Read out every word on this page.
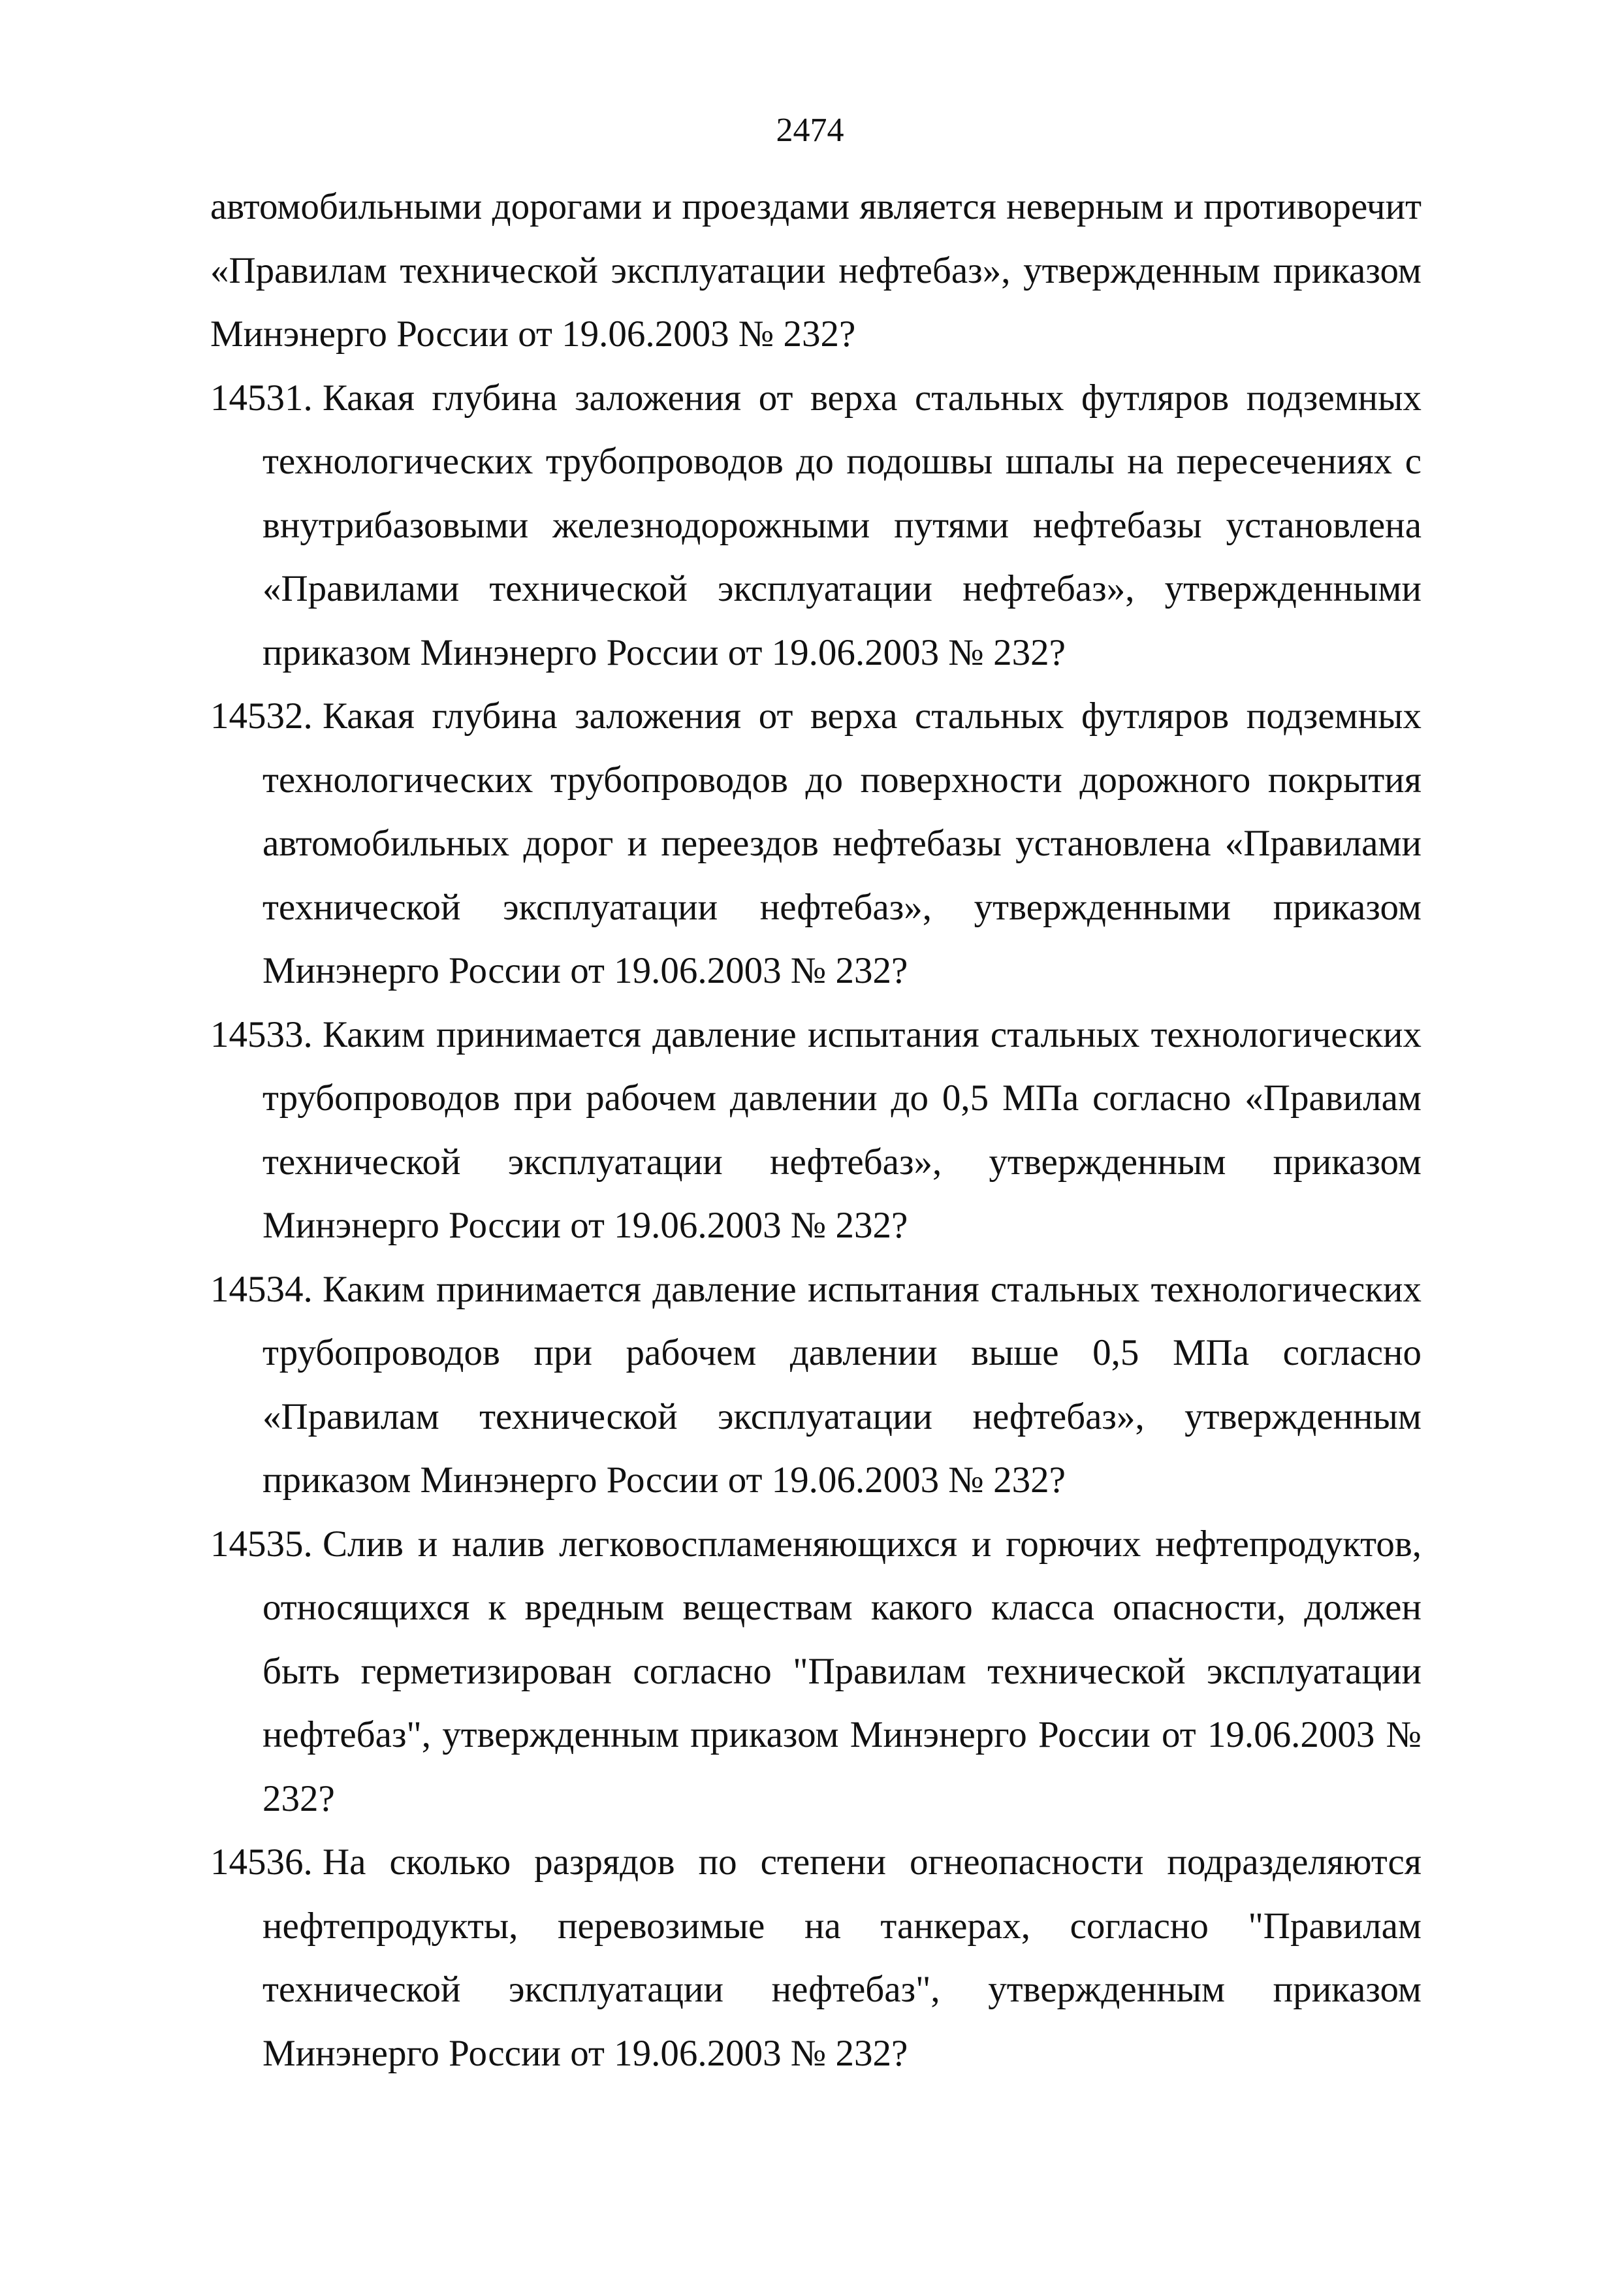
2474

автомобильными дорогами и проездами является неверным и противоречит «Правилам технической эксплуатации нефтебаз», утвержденным приказом Минэнерго России от 19.06.2003 № 232?

14531. Какая глубина заложения от верха стальных футляров подземных технологических трубопроводов до подошвы шпалы на пересечениях с внутрибазовыми железнодорожными путями нефтебазы установлена «Правилами технической эксплуатации нефтебаз», утвержденными приказом Минэнерго России от 19.06.2003 № 232?

14532. Какая глубина заложения от верха стальных футляров подземных технологических трубопроводов до поверхности дорожного покрытия автомобильных дорог и переездов нефтебазы установлена «Правилами технической эксплуатации нефтебаз», утвержденными приказом Минэнерго России от 19.06.2003 № 232?

14533. Каким принимается давление испытания стальных технологических трубопроводов при рабочем давлении до 0,5 МПа согласно «Правилам технической эксплуатации нефтебаз», утвержденным приказом Минэнерго России от 19.06.2003 № 232?

14534. Каким принимается давление испытания стальных технологических трубопроводов при рабочем давлении выше 0,5 МПа согласно «Правилам технической эксплуатации нефтебаз», утвержденным приказом Минэнерго России от 19.06.2003 № 232?

14535. Слив и налив легковоспламеняющихся и горючих нефтепродуктов, относящихся к вредным веществам какого класса опасности, должен быть герметизирован согласно "Правилам технической эксплуатации нефтебаз", утвержденным приказом Минэнерго России от 19.06.2003 № 232?

14536. На сколько разрядов по степени огнеопасности подразделяются нефтепродукты, перевозимые на танкерах, согласно "Правилам технической эксплуатации нефтебаз", утвержденным приказом Минэнерго России от 19.06.2003 № 232?
